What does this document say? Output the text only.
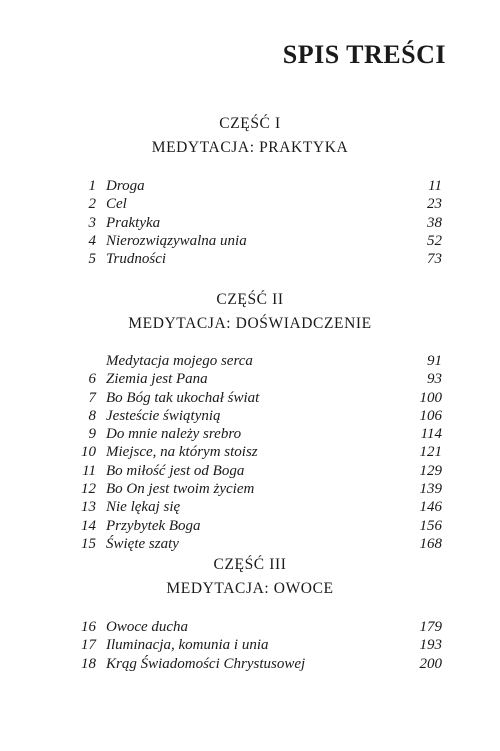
SPIS TREŚCI
CZĘŚĆ I
MEDYTACJA: PRAKTYKA
1 Droga	11
2 Cel	23
3 Praktyka	38
4 Nierozwiązywalna unia	52
5 Trudności	73
CZĘŚĆ II
MEDYTACJA: DOŚWIADCZENIE
Medytacja mojego serca	91
6 Ziemia jest Pana	93
7 Bo Bóg tak ukochał świat	100
8 Jesteście świątynią	106
9 Do mnie należy srebro	114
10 Miejsce, na którym stoisz	121
11 Bo miłość jest od Boga	129
12 Bo On jest twoim życiem	139
13 Nie lękaj się	146
14 Przybytek Boga	156
15 Święte szaty	168
CZĘŚĆ III
MEDYTACJA: OWOCE
16 Owoce ducha	179
17 Iluminacja, komunia i unia	193
18 Krąg Świadomości Chrystusowej	200
